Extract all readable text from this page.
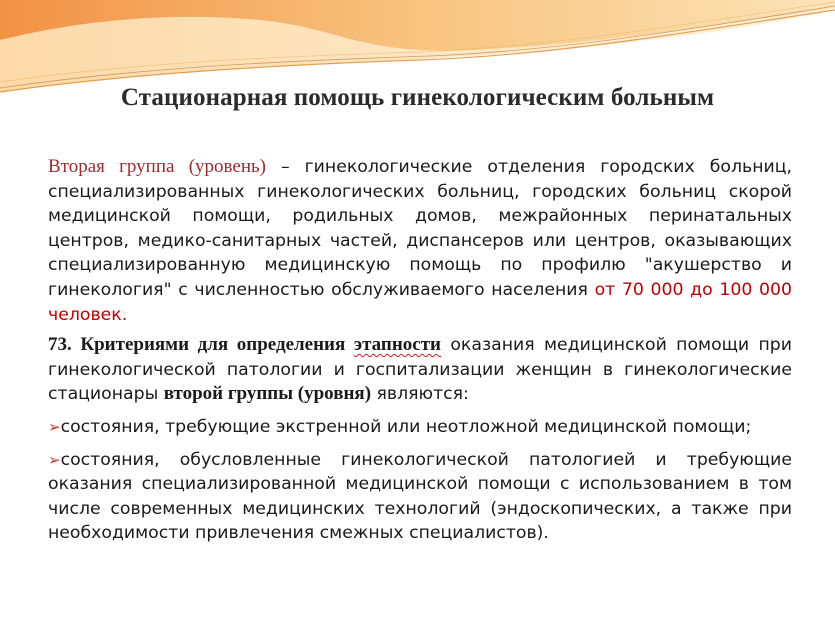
Стационарная помощь гинекологическим больным

Вторая группа (уровень) – гинекологические отделения городских больниц, специализированных гинекологических больниц, городских больниц скорой медицинской помощи, родильных домов, межрайонных перинатальных центров, медико-санитарных частей, диспансеров или центров, оказывающих специализированную медицинскую помощь по профилю "акушерство и гинекология" с численностью обслуживаемого населения от 70 000 до 100 000 человек.

73. Критериями для определения этапности оказания медицинской помощи при гинекологической патологии и госпитализации женщин в гинекологические стационары второй группы (уровня) являются:

➢состояния, требующие экстренной или неотложной медицинской помощи;

➢состояния, обусловленные гинекологической патологией и требующие оказания специализированной медицинской помощи с использованием в том числе современных медицинских технологий (эндоскопических, а также при необходимости привлечения смежных специалистов).
